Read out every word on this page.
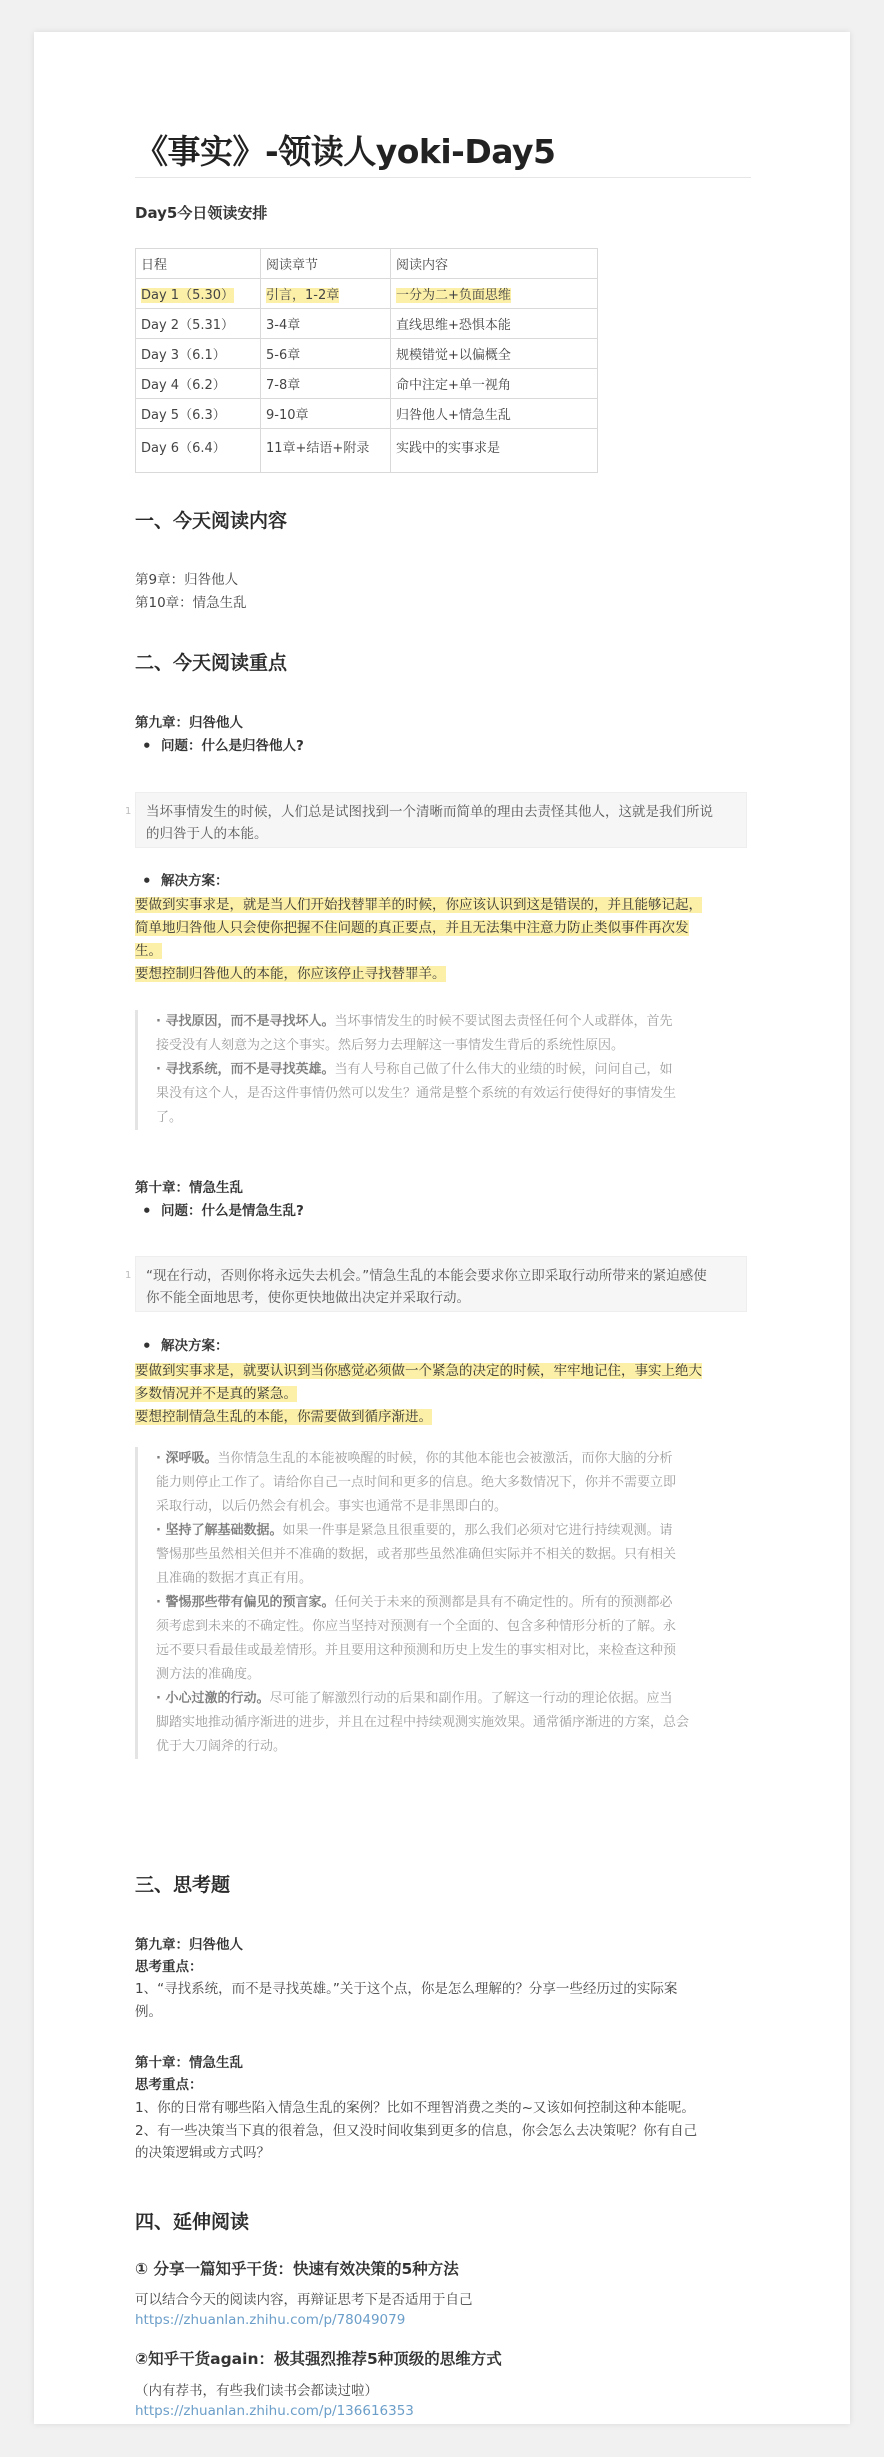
《事实》-领读人yoki-Day5
Day5今日领读安排
日程	阅读章节	阅读内容
Day 1（5.30）	引言，1-2章	一分为二+负面思维
Day 2（5.31）	3-4章	直线思维+恐惧本能
Day 3（6.1）	5-6章	规模错觉+以偏概全
Day 4（6.2）	7-8章	命中注定+单一视角
Day 5（6.3）	9-10章	归咎他人+情急生乱
Day 6（6.4）	11章+结语+附录	实践中的实事求是
一、今天阅读内容
第9章：归咎他人
第10章：情急生乱
二、今天阅读重点
第九章：归咎他人
• 问题：什么是归咎他人?
1 当坏事情发生的时候，人们总是试图找到一个清晰而简单的理由去责怪其他人，这就是我们所说
的归咎于人的本能。
• 解决方案：
要做到实事求是，就是当人们开始找替罪羊的时候，你应该认识到这是错误的，并且能够记起，
简单地归咎他人只会使你把握不住问题的真正要点，并且无法集中注意力防止类似事件再次发
生。
要想控制归咎他人的本能，你应该停止寻找替罪羊。
· 寻找原因，而不是寻找坏人。当坏事情发生的时候不要试图去责怪任何个人或群体，首先
接受没有人刻意为之这个事实。然后努力去理解这一事情发生背后的系统性原因。
· 寻找系统，而不是寻找英雄。当有人号称自己做了什么伟大的业绩的时候，问问自己，如
果没有这个人，是否这件事情仍然可以发生？通常是整个系统的有效运行使得好的事情发生
了。
第十章：情急生乱
• 问题：什么是情急生乱?
1 “现在行动，否则你将永远失去机会。”情急生乱的本能会要求你立即采取行动所带来的紧迫感使
你不能全面地思考，使你更快地做出决定并采取行动。
• 解决方案：
要做到实事求是，就要认识到当你感觉必须做一个紧急的决定的时候，牢牢地记住，事实上绝大
多数情况并不是真的紧急。
要想控制情急生乱的本能，你需要做到循序渐进。
· 深呼吸。当你情急生乱的本能被唤醒的时候，你的其他本能也会被激活，而你大脑的分析
能力则停止工作了。请给你自己一点时间和更多的信息。绝大多数情况下，你并不需要立即
采取行动，以后仍然会有机会。事实也通常不是非黑即白的。
· 坚持了解基础数据。如果一件事是紧急且很重要的，那么我们必须对它进行持续观测。请
警惕那些虽然相关但并不准确的数据，或者那些虽然准确但实际并不相关的数据。只有相关
且准确的数据才真正有用。
· 警惕那些带有偏见的预言家。任何关于未来的预测都是具有不确定性的。所有的预测都必
须考虑到未来的不确定性。你应当坚持对预测有一个全面的、包含多种情形分析的了解。永
远不要只看最佳或最差情形。并且要用这种预测和历史上发生的事实相对比，来检查这种预
测方法的准确度。
· 小心过激的行动。尽可能了解激烈行动的后果和副作用。了解这一行动的理论依据。应当
脚踏实地推动循序渐进的进步，并且在过程中持续观测实施效果。通常循序渐进的方案，总会
优于大刀阔斧的行动。
三、思考题
第九章：归咎他人
思考重点：
1、“寻找系统，而不是寻找英雄。”关于这个点，你是怎么理解的？分享一些经历过的实际案
例。
第十章：情急生乱
思考重点：
1、你的日常有哪些陷入情急生乱的案例？比如不理智消费之类的~又该如何控制这种本能呢。
2、有一些决策当下真的很着急，但又没时间收集到更多的信息，你会怎么去决策呢？你有自己
的决策逻辑或方式吗？
四、延伸阅读
① 分享一篇知乎干货：快速有效决策的5种方法
可以结合今天的阅读内容，再辩证思考下是否适用于自己
https://zhuanlan.zhihu.com/p/78049079
②知乎干货again：极其强烈推荐5种顶级的思维方式
（内有荐书，有些我们读书会都读过啦）
https://zhuanlan.zhihu.com/p/136616353
